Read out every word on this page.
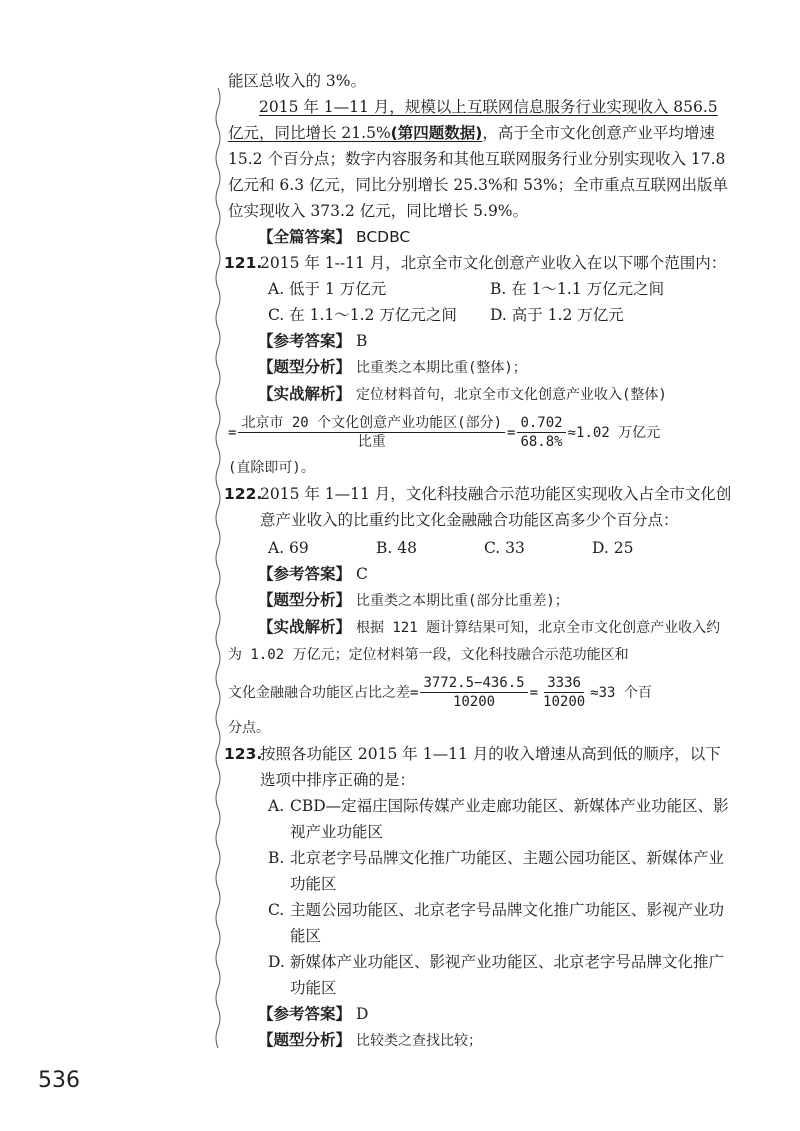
能区总收入的 3%。

2015 年 1—11 月，规模以上互联网信息服务行业实现收入 856.5 亿元，同比增长 21.5%(第四题数据)，高于全市文化创意产业平均增速 15.2 个百分点；数字内容服务和其他互联网服务行业分别实现收入 17.8 亿元和 6.3 亿元，同比分别增长 25.3%和 53%；全市重点互联网出版单位实现收入 373.2 亿元，同比增长 5.9%。

【全篇答案】 BCDBC

121.
2015 年 1--11 月，北京全市文化创意产业收入在以下哪个范围内：
A. 低于 1 万亿元	B. 在 1～1.1 万亿元之间
C. 在 1.1～1.2 万亿元之间	D. 高于 1.2 万亿元

【参考答案】 B

【题型分析】 比重类之本期比重(整体)；

【实战解析】 定位材料首句，北京全市文化创意产业收入(整体)

= $\frac{\text{北京市 20 个文化创意产业功能区(部分)}}{\text{比重}} = \frac{0.702}{68.8\%} \approx 1.02$ 万亿元

(直除即可)。

122.
2015 年 1—11 月，文化科技融合示范功能区实现收入占全市文化创意产业收入的比重约比文化金融融合功能区高多少个百分点：
A. 69	B. 48	C. 33	D. 25

【参考答案】 C

【题型分析】 比重类之本期比重(部分比重差)；

【实战解析】 根据 121 题计算结果可知，北京全市文化创意产业收入约为 1.02 万亿元；定位材料第一段，文化科技融合示范功能区和

文化金融融合功能区占比之差= $\frac{3772.5-436.5}{10200} = \frac{3336}{10200} \approx 33$ 个百

分点。

123.
按照各功能区 2015 年 1—11 月的收入增速从高到低的顺序，以下选项中排序正确的是：
A. CBD—定福庄国际传媒产业走廊功能区、新媒体产业功能区、影视产业功能区
B. 北京老字号品牌文化推广功能区、主题公园功能区、新媒体产业功能区
C. 主题公园功能区、北京老字号品牌文化推广功能区、影视产业功能区
D. 新媒体产业功能区、影视产业功能区、北京老字号品牌文化推广功能区

【参考答案】 D

【题型分析】 比较类之查找比较；

536
